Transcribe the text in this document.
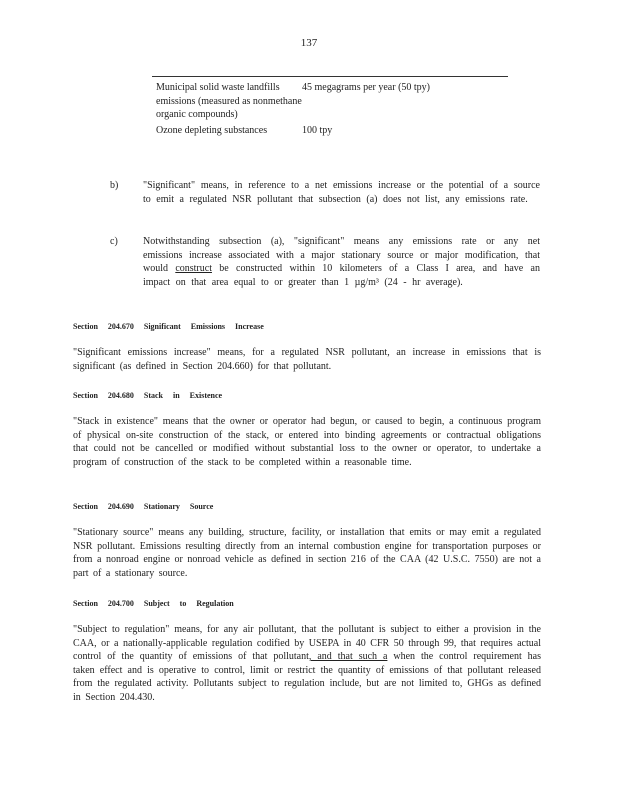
137
Municipal solid waste landfills emissions (measured as nonmethane organic compounds)
45 megagrams per year (50 tpy)
Ozone depleting substances	100 tpy
b) "Significant" means, in reference to a net emissions increase or the potential of a source to emit a regulated NSR pollutant that subsection (a) does not list, any emissions rate.
c)	Notwithstanding subsection (a), "significant" means any emissions rate or any net emissions increase associated with a major stationary source or major modification, that would construct be constructed within 10 kilometers of a Class I area, and have an impact on that area equal to or greater than 1 µg/m³ (24 - hr average).
Section 204.670 Significant Emissions Increase
"Significant emissions increase" means, for a regulated NSR pollutant, an increase in emissions that is significant (as defined in Section 204.660) for that pollutant.
Section 204.680 Stack in Existence
"Stack in existence" means that the owner or operator had begun, or caused to begin, a continuous program of physical on-site construction of the stack, or entered into binding agreements or contractual obligations that could not be cancelled or modified without substantial loss to the owner or operator, to undertake a program of construction of the stack to be completed within a reasonable time.
Section 204.690 Stationary Source
"Stationary source" means any building, structure, facility, or installation that emits or may emit a regulated NSR pollutant. Emissions resulting directly from an internal combustion engine for transportation purposes or from a nonroad engine or nonroad vehicle as defined in section 216 of the CAA (42 U.S.C. 7550) are not a part of a stationary source.
Section 204.700 Subject to Regulation
"Subject to regulation" means, for any air pollutant, that the pollutant is subject to either a provision in the CAA, or a nationally-applicable regulation codified by USEPA in 40 CFR 50 through 99, that requires actual control of the quantity of emissions of that pollutant, and that such a when the control requirement has taken effect and is operative to control, limit or restrict the quantity of emissions of that pollutant released from the regulated activity. Pollutants subject to regulation include, but are not limited to, GHGs as defined in Section 204.430.
